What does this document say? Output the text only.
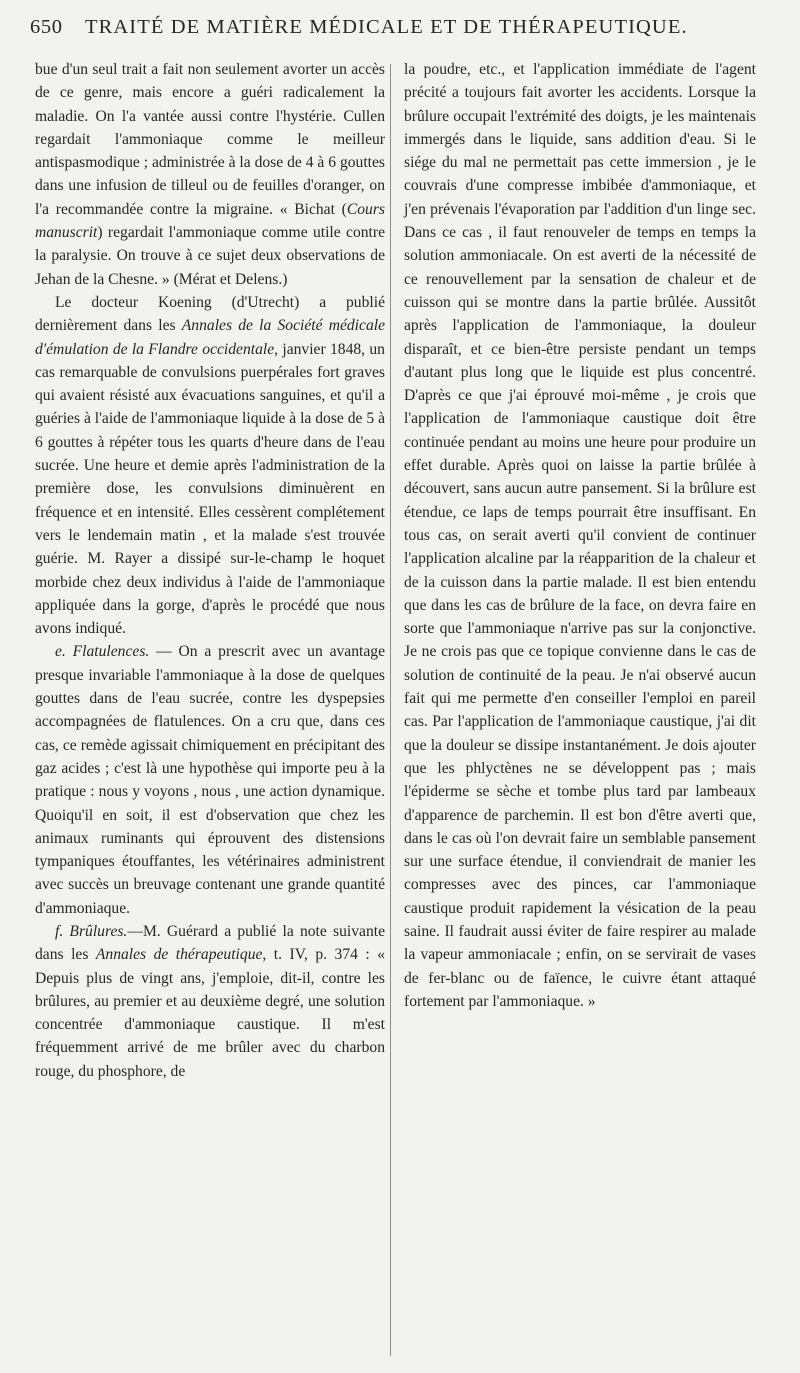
650 TRAITÉ DE MATIÈRE MÉDICALE ET DE THÉRAPEUTIQUE.

bue d'un seul trait a fait non seulement avorter un accès de ce genre, mais encore a guéri radicalement la maladie. On l'a vantée aussi contre l'hystérie. Cullen regardait l'ammoniaque comme le meilleur antispasmodique ; administrée à la dose de 4 à 6 gouttes dans une infusion de tilleul ou de feuilles d'oranger, on l'a recommandée contre la migraine. « Bichat (Cours manuscrit) regardait l'ammoniaque comme utile contre la paralysie. On trouve à ce sujet deux observations de Jehan de la Chesne. » (Mérat et Delens.)

Le docteur Koening (d'Utrecht) a publié dernièrement dans les Annales de la Société médicale d'émulation de la Flandre occidentale, janvier 1848, un cas remarquable de convulsions puerpérales fort graves qui avaient résisté aux évacuations sanguines, et qu'il a guéries à l'aide de l'ammoniaque liquide à la dose de 5 à 6 gouttes à répéter tous les quarts d'heure dans de l'eau sucrée. Une heure et demie après l'administration de la première dose, les convulsions diminuèrent en fréquence et en intensité. Elles cessèrent complétement vers le lendemain matin , et la malade s'est trouvée guérie. M. Rayer a dissipé sur-le-champ le hoquet morbide chez deux individus à l'aide de l'ammoniaque appliquée dans la gorge, d'après le procédé que nous avons indiqué.

e. Flatulences. — On a prescrit avec un avantage presque invariable l'ammoniaque à la dose de quelques gouttes dans de l'eau sucrée, contre les dyspepsies accompagnées de flatulences. On a cru que, dans ces cas, ce remède agissait chimiquement en précipitant des gaz acides ; c'est là une hypothèse qui importe peu à la pratique : nous y voyons , nous , une action dynamique. Quoiqu'il en soit, il est d'observation que chez les animaux ruminants qui éprouvent des distensions tympaniques étouffantes, les vétérinaires administrent avec succès un breuvage contenant une grande quantité d'ammoniaque.

f. Brûlures.—M. Guérard a publié la note suivante dans les Annales de thérapeutique, t. IV, p. 374 : « Depuis plus de vingt ans, j'emploie, dit-il, contre les brûlures, au premier et au deuxième degré, une solution concentrée d'ammoniaque caustique. Il m'est fréquemment arrivé de me brûler avec du charbon rouge, du phosphore, de

la poudre, etc., et l'application immédiate de l'agent précité a toujours fait avorter les accidents. Lorsque la brûlure occupait l'extrémité des doigts, je les maintenais immergés dans le liquide, sans addition d'eau. Si le siége du mal ne permettait pas cette immersion , je le couvrais d'une compresse imbibée d'ammoniaque, et j'en prévenais l'évaporation par l'addition d'un linge sec. Dans ce cas , il faut renouveler de temps en temps la solution ammoniacale. On est averti de la nécessité de ce renouvellement par la sensation de chaleur et de cuisson qui se montre dans la partie brûlée. Aussitôt après l'application de l'ammoniaque, la douleur disparaît, et ce bien-être persiste pendant un temps d'autant plus long que le liquide est plus concentré. D'après ce que j'ai éprouvé moi-même , je crois que l'application de l'ammoniaque caustique doit être continuée pendant au moins une heure pour produire un effet durable. Après quoi on laisse la partie brûlée à découvert, sans aucun autre pansement. Si la brûlure est étendue, ce laps de temps pourrait être insuffisant. En tous cas, on serait averti qu'il convient de continuer l'application alcaline par la réapparition de la chaleur et de la cuisson dans la partie malade. Il est bien entendu que dans les cas de brûlure de la face, on devra faire en sorte que l'ammoniaque n'arrive pas sur la conjonctive. Je ne crois pas que ce topique convienne dans le cas de solution de continuité de la peau. Je n'ai observé aucun fait qui me permette d'en conseiller l'emploi en pareil cas. Par l'application de l'ammoniaque caustique, j'ai dit que la douleur se dissipe instantanément. Je dois ajouter que les phlyctènes ne se développent pas ; mais l'épiderme se sèche et tombe plus tard par lambeaux d'apparence de parchemin. Il est bon d'être averti que, dans le cas où l'on devrait faire un semblable pansement sur une surface étendue, il conviendrait de manier les compresses avec des pinces, car l'ammoniaque caustique produit rapidement la vésication de la peau saine. Il faudrait aussi éviter de faire respirer au malade la vapeur ammoniacale ; enfin, on se servirait de vases de fer-blanc ou de faïence, le cuivre étant attaqué fortement par l'ammoniaque. »
